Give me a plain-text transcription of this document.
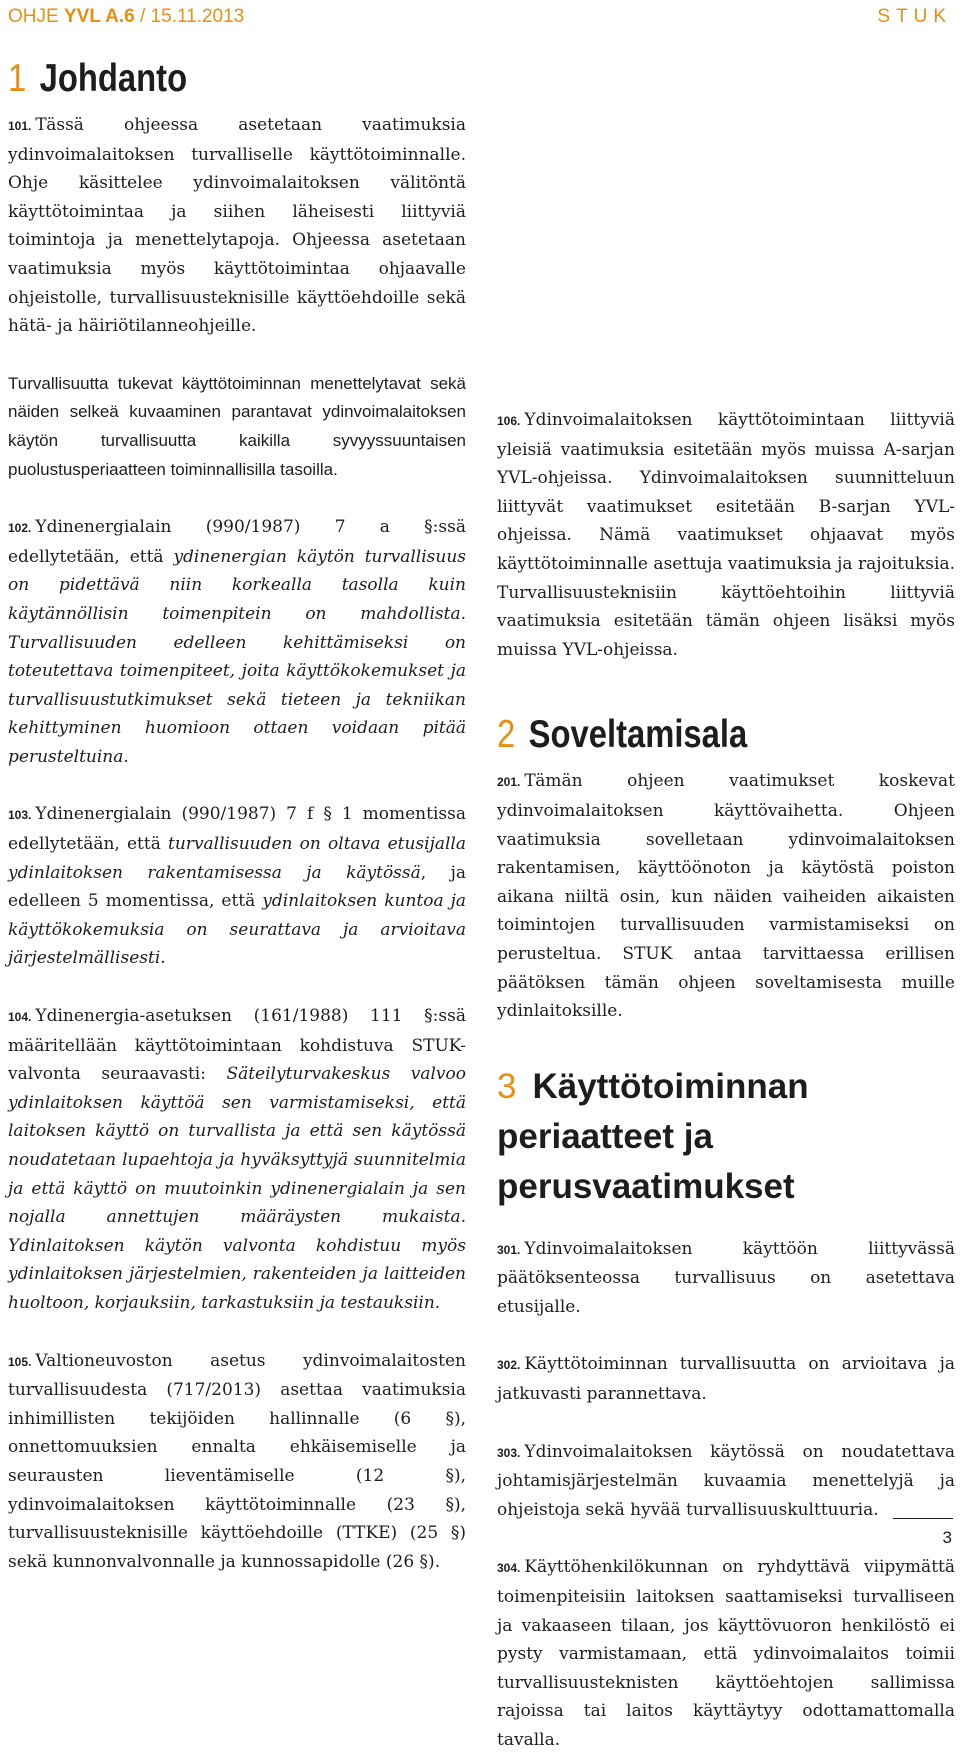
OHJE YVL A.6 / 15.11.2013	STUK
1 Johdanto

101. Tässä ohjeessa asetetaan vaatimuksia ydinvoimalaitoksen turvalliselle käyttötoiminnalle. Ohje käsittelee ydinvoimalaitoksen välitöntä käyttötoimintaa ja siihen läheisesti liittyviä toimintoja ja menettelytapoja. Ohjeessa asetetaan vaatimuksia myös käyttötoimintaa ohjaavalle ohjeistolle, turvallisuusteknisille käyttöehdoille sekä hätä- ja häiriötilanneohjeille.

Turvallisuutta tukevat käyttötoiminnan menettelytavat sekä näiden selkeä kuvaaminen parantavat ydinvoimalaitoksen käytön turvallisuutta kaikilla syvyyssuuntaisen puolustusperiaatteen toiminnallisilla tasoilla.

102. Ydinenergialain (990/1987) 7 a §:ssä edellytetään, että ydinenergian käytön turvallisuus on pidettävä niin korkealla tasolla kuin käytännöllisin toimenpitein on mahdollista. Turvallisuuden edelleen kehittämiseksi on toteutettava toimenpiteet, joita käyttökokemukset ja turvallisuustutkimukset sekä tieteen ja tekniikan kehittyminen huomioon ottaen voidaan pitää perusteltuina.

103. Ydinenergialain (990/1987) 7 f § 1 momentissa edellytetään, että turvallisuuden on oltava etusijalla ydinlaitoksen rakentamisessa ja käytössä, ja edelleen 5 momentissa, että ydinlaitoksen kuntoa ja käyttökokemuksia on seurattava ja arvioitava järjestelmällisesti.

104. Ydinenergia-asetuksen (161/1988) 111 §:ssä määritellään käyttötoimintaan kohdistuva STUK-valvonta seuraavasti: Säteilyturvakeskus valvoo ydinlaitoksen käyttöä sen varmistamiseksi, että laitoksen käyttö on turvallista ja että sen käytössä noudatetaan lupaehtoja ja hyväksyttyjä suunnitelmia ja että käyttö on muutoinkin ydinenergialain ja sen nojalla annettujen määräysten mukaista. Ydinlaitoksen käytön valvonta kohdistuu myös ydinlaitoksen järjestelmien, rakenteiden ja laitteiden huoltoon, korjauksiin, tarkastuksiin ja testauksiin.

105. Valtioneuvoston asetus ydinvoimalaitosten turvallisuudesta (717/2013) asettaa vaatimuksia inhimillisten tekijöiden hallinnalle (6 §), onnettomuuksien ennalta ehkäisemiselle ja seurausten lieventämiselle (12 §), ydinvoimalaitoksen käyttötoiminnalle (23 §), turvallisuusteknisille käyttöehdoille (TTKE) (25 §) sekä kunnonvalvonnalle ja kunnossapidolle (26 §).

106. Ydinvoimalaitoksen käyttötoimintaan liittyviä yleisiä vaatimuksia esitetään myös muissa A-sarjan YVL-ohjeissa. Ydinvoimalaitoksen suunnitteluun liittyvät vaatimukset esitetään B-sarjan YVL-ohjeissa. Nämä vaatimukset ohjaavat myös käyttötoiminnalle asettuja vaatimuksia ja rajoituksia. Turvallisuusteknisiin käyttöehtoihin liittyviä vaatimuksia esitetään tämän ohjeen lisäksi myös muissa YVL-ohjeissa.

2 Soveltamisala

201. Tämän ohjeen vaatimukset koskevat ydinvoimalaitoksen käyttövaihetta. Ohjeen vaatimuksia sovelletaan ydinvoimalaitoksen rakentamisen, käyttöönoton ja käytöstä poiston aikana niiltä osin, kun näiden vaiheiden aikaisten toimintojen turvallisuuden varmistamiseksi on perusteltua. STUK antaa tarvittaessa erillisen päätöksen tämän ohjeen soveltamisesta muille ydinlaitoksille.

3 Käyttötoiminnan periaatteet ja perusvaatimukset

301. Ydinvoimalaitoksen käyttöön liittyvässä päätöksenteossa turvallisuus on asetettava etusijalle.

302. Käyttötoiminnan turvallisuutta on arvioitava ja jatkuvasti parannettava.

303. Ydinvoimalaitoksen käytössä on noudatettava johtamisjärjestelmän kuvaamia menettelyjä ja ohjeistoja sekä hyvää turvallisuuskulttuuria.

304. Käyttöhenkilökunnan on ryhdyttävä viipymättä toimenpiteisiin laitoksen saattamiseksi turvalliseen ja vakaaseen tilaan, jos käyttövuoron henkilöstö ei pysty varmistamaan, että ydinvoimalaitos toimii turvallisuusteknisten käyttöehtojen sallimissa rajoissa tai laitos käyttäytyy odottamattomalla tavalla.

3
